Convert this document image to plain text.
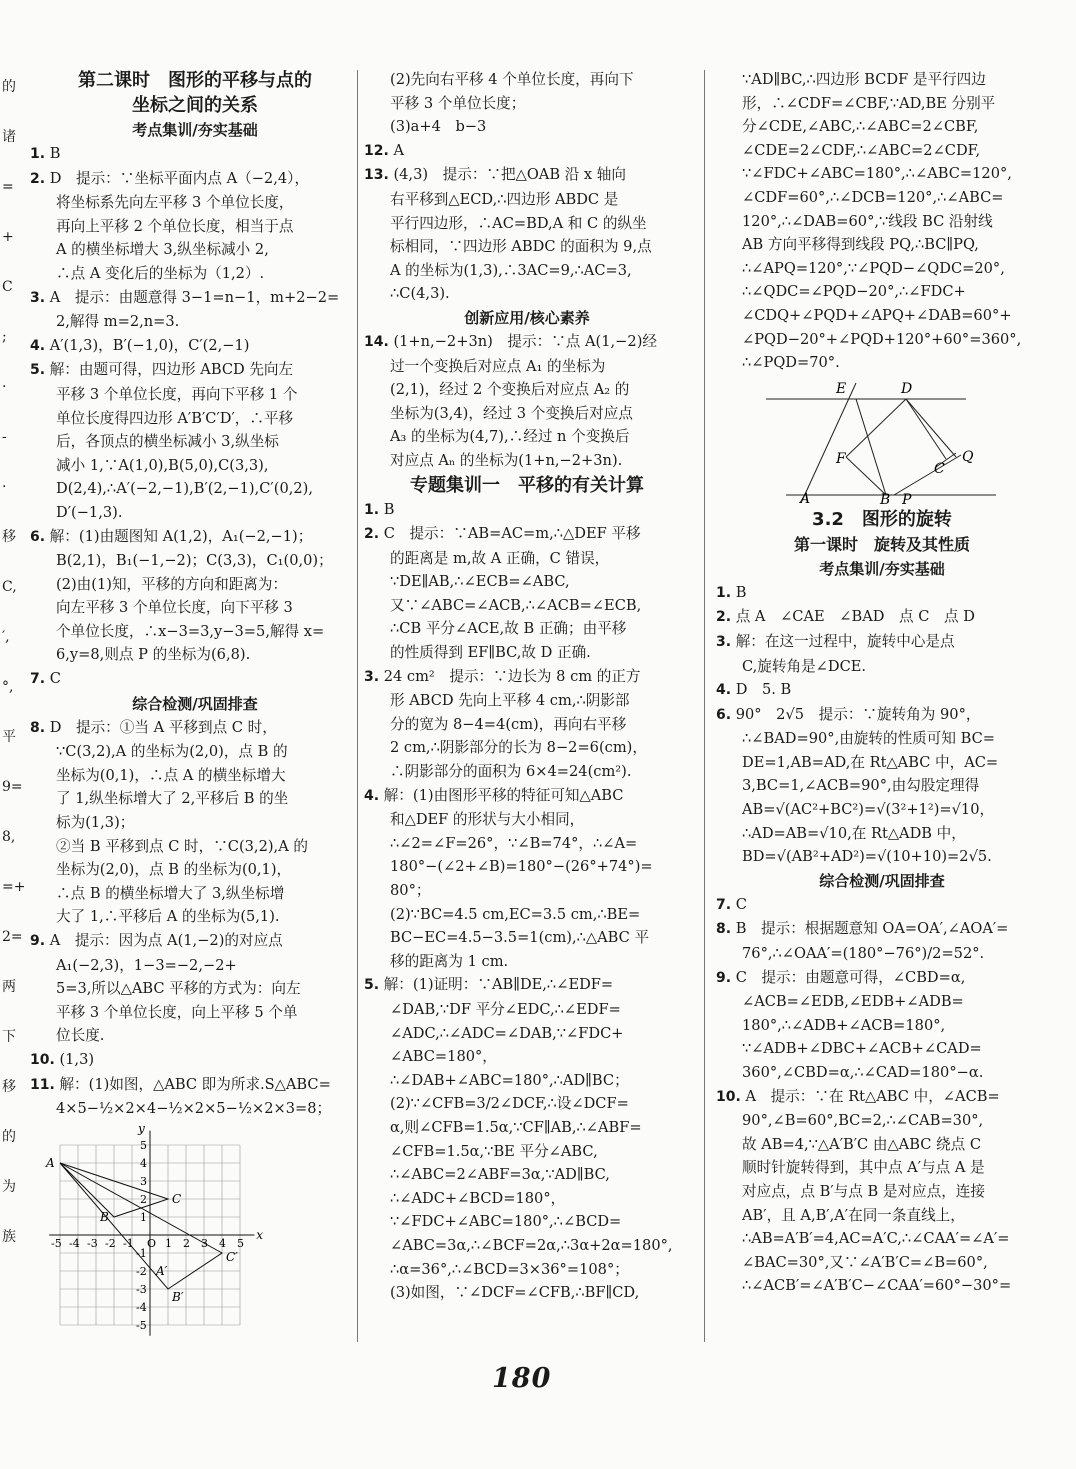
的
诸
=
+
C
;
·
-
·
移
C,
′,
°,
平
9=
8,
=+
2=
两
下
移
的
为
族

第二课时　图形的平移与点的

坐标之间的关系

考点集训/夯实基础

1. B

2. D　提示：∵坐标平面内点 A（−2,4），

将坐标系先向左平移 3 个单位长度，

再向上平移 2 个单位长度，相当于点

A 的横坐标增大 3,纵坐标减小 2,

∴点 A 变化后的坐标为（1,2）.

3. A　提示：由题意得 3−1=n−1，m+2−2=

2,解得 m=2,n=3.

4. A′(1,3)，B′(−1,0)，C′(2,−1)

5. 解：由题可得，四边形 ABCD 先向左

平移 3 个单位长度，再向下平移 1 个

单位长度得四边形 A′B′C′D′，∴平移

后，各顶点的横坐标减小 3,纵坐标

减小 1,∵A(1,0),B(5,0),C(3,3),

D(2,4),∴A′(−2,−1),B′(2,−1),C′(0,2),

D′(−1,3).

6. 解：(1)由题图知 A(1,2)，A₁(−2,−1)；

B(2,1)，B₁(−1,−2)；C(3,3)，C₁(0,0)；

(2)由(1)知，平移的方向和距离为：

向左平移 3 个单位长度，向下平移 3

个单位长度，∴x−3=3,y−3=5,解得 x=

6,y=8,则点 P 的坐标为(6,8).

7. C

综合检测/巩固排查

8. D　提示：①当 A 平移到点 C 时，

∵C(3,2),A 的坐标为(2,0)，点 B 的

坐标为(0,1)，∴点 A 的横坐标增大

了 1,纵坐标增大了 2,平移后 B 的坐

标为(1,3)；

②当 B 平移到点 C 时，∵C(3,2),A 的

坐标为(2,0)，点 B 的坐标为(0,1)，

∴点 B 的横坐标增大了 3,纵坐标增

大了 1,∴平移后 A 的坐标为(5,1).

9. A　提示：因为点 A(1,−2)的对应点

A₁(−2,3)，1−3=−2,−2+

5=3,所以△ABC 平移的方式为：向左

平移 3 个单位长度，向上平移 5 个单

位长度.

10. (1,3)

11. 解：(1)如图，△ABC 即为所求.S△ABC=

4×5−½×2×4−½×2×5−½×2×3=8；

x
y
-5 -4 -3 -2 -1 O 1 2 3 4 5
5
4
3
2
1
-1
-2
-3
-4
-5
A
B
C
A′
B′
C′

(2)先向右平移 4 个单位长度，再向下

平移 3 个单位长度；

(3)a+4　b−3

12. A

13. (4,3)　提示：∵把△OAB 沿 x 轴向

右平移到△ECD,∴四边形 ABDC 是

平行四边形，∴AC=BD,A 和 C 的纵坐

标相同，∵四边形 ABDC 的面积为 9,点

A 的坐标为(1,3),∴3AC=9,∴AC=3,

∴C(4,3).

创新应用/核心素养

14. (1+n,−2+3n)　提示：∵点 A(1,−2)经

过一个变换后对应点 A₁ 的坐标为

(2,1)，经过 2 个变换后对应点 A₂ 的

坐标为(3,4)，经过 3 个变换后对应点

A₃ 的坐标为(4,7),∴经过 n 个变换后

对应点 Aₙ 的坐标为(1+n,−2+3n).

专题集训一　平移的有关计算

1. B

2. C　提示：∵AB=AC=m,∴△DEF 平移

的距离是 m,故 A 正确，C 错误，

∵DE∥AB,∴∠ECB=∠ABC,

又∵∠ABC=∠ACB,∴∠ACB=∠ECB,

∴CB 平分∠ACE,故 B 正确；由平移

的性质得到 EF∥BC,故 D 正确.

3. 24 cm²　提示：∵边长为 8 cm 的正方

形 ABCD 先向上平移 4 cm,∴阴影部

分的宽为 8−4=4(cm)，再向右平移

2 cm,∴阴影部分的长为 8−2=6(cm)，

∴阴影部分的面积为 6×4=24(cm²).

4. 解：(1)由图形平移的特征可知△ABC

和△DEF 的形状与大小相同，

∴∠2=∠F=26°，∵∠B=74°，∴∠A=

180°−(∠2+∠B)=180°−(26°+74°)=

80°；

(2)∵BC=4.5 cm,EC=3.5 cm,∴BE=

BC−EC=4.5−3.5=1(cm),∴△ABC 平

移的距离为 1 cm.

5. 解：(1)证明：∵AB∥DE,∴∠EDF=

∠DAB,∵DF 平分∠EDC,∴∠EDF=

∠ADC,∴∠ADC=∠DAB,∵∠FDC+

∠ABC=180°，

∴∠DAB+∠ABC=180°,∴AD∥BC；

(2)∵∠CFB=3/2∠DCF,∴设∠DCF=

α,则∠CFB=1.5α,∵CF∥AB,∴∠ABF=

∠CFB=1.5α,∵BE 平分∠ABC,

∴∠ABC=2∠ABF=3α,∵AD∥BC,

∴∠ADC+∠BCD=180°，

∵∠FDC+∠ABC=180°,∴∠BCD=

∠ABC=3α,∴∠BCF=2α,∴3α+2α=180°,

∴α=36°,∴∠BCD=3×36°=108°；

(3)如图，∵∠DCF=∠CFB,∴BF∥CD,

∵AD∥BC,∴四边形 BCDF 是平行四边

形，∴∠CDF=∠CBF,∵AD,BE 分别平

分∠CDE,∠ABC,∴∠ABC=2∠CBF,

∠CDE=2∠CDF,∴∠ABC=2∠CDF,

∵∠FDC+∠ABC=180°,∴∠ABC=120°,

∠CDF=60°,∴∠DCB=120°,∴∠ABC=

120°,∴∠DAB=60°,∵线段 BC 沿射线

AB 方向平移得到线段 PQ,∴BC∥PQ,

∴∠APQ=120°,∵∠PQD−∠QDC=20°,

∴∠QDC=∠PQD−20°,∴∠FDC+

∠CDQ+∠PQD+∠APQ+∠DAB=60°+

∠PQD−20°+∠PQD+120°+60°=360°,

∴∠PQD=70°.

E	D
F
C
Q
A	B P

3.2　图形的旋转

第一课时　旋转及其性质

考点集训/夯实基础

1. B

2. 点 A　∠CAE　∠BAD　点 C　点 D

3. 解：在这一过程中，旋转中心是点

C,旋转角是∠DCE.

4. D　5. B

6. 90°　2√5　提示：∵旋转角为 90°，

∴∠BAD=90°,由旋转的性质可知 BC=

DE=1,AB=AD,在 Rt△ABC 中，AC=

3,BC=1,∠ACB=90°,由勾股定理得

AB=√(AC²+BC²)=√(3²+1²)=√10，

∴AD=AB=√10,在 Rt△ADB 中，

BD=√(AB²+AD²)=√(10+10)=2√5.

综合检测/巩固排查

7. C

8. B　提示：根据题意知 OA=OA′,∠AOA′=

76°,∴∠OAA′=(180°−76°)/2=52°.

9. C　提示：由题意可得，∠CBD=α,

∠ACB=∠EDB,∠EDB+∠ADB=

180°,∴∠ADB+∠ACB=180°,

∵∠ADB+∠DBC+∠ACB+∠CAD=

360°,∠CBD=α,∴∠CAD=180°−α.

10. A　提示：∵在 Rt△ABC 中，∠ACB=

90°,∠B=60°,BC=2,∴∠CAB=30°,

故 AB=4,∵△A′B′C 由△ABC 绕点 C

顺时针旋转得到，其中点 A′与点 A 是

对应点，点 B′与点 B 是对应点，连接

AB′，且 A,B′,A′在同一条直线上，

∴AB=A′B′=4,AC=A′C,∴∠CAA′=∠A′=

∠BAC=30°,又∵∠A′B′C=∠B=60°,

∴∠ACB′=∠A′B′C−∠CAA′=60°−30°=

180
